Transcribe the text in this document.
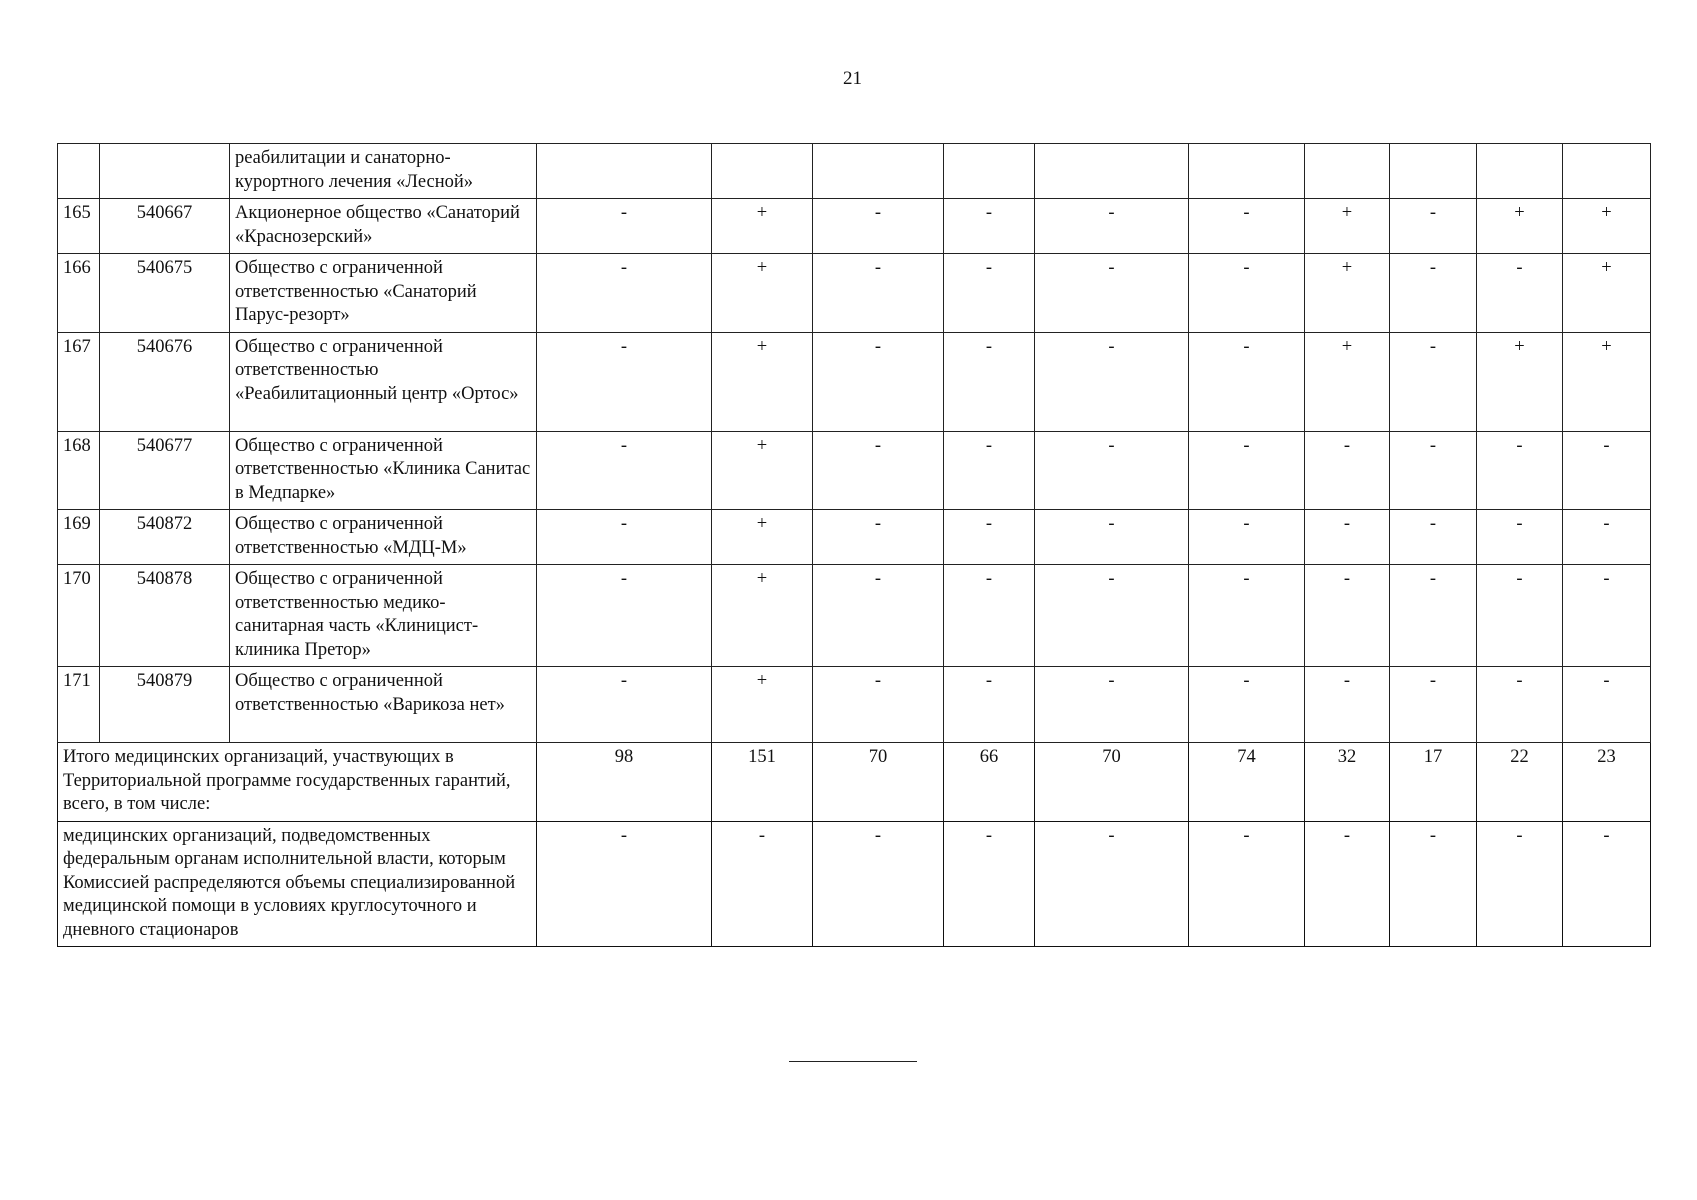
21
		реабилитации и санаторно-курортного лечения «Лесной»										
165	540667	Акционерное общество «Санаторий «Краснозерский»	-	+	-	-	-	-	+	-	+	+
166	540675	Общество с ограниченной ответственностью «Санаторий Парус-резорт»	-	+	-	-	-	-	+	-	-	+
167	540676	Общество с ограниченной ответственностью «Реабилитационный центр «Ортос»	-	+	-	-	-	-	+	-	+	+
168	540677	Общество с ограниченной ответственностью «Клиника Санитас в Медпарке»	-	+	-	-	-	-	-	-	-	-
169	540872	Общество с ограниченной ответственностью «МДЦ-М»	-	+	-	-	-	-	-	-	-	-
170	540878	Общество с ограниченной ответственностью медико-санитарная часть «Клиницист-клиника Претор»	-	+	-	-	-	-	-	-	-	-
171	540879	Общество с ограниченной ответственностью «Варикоза нет»	-	+	-	-	-	-	-	-	-	-
Итого медицинских организаций, участвующих в Территориальной программе государственных гарантий, всего, в том числе:			98	151	70	66	70	74	32	17	22	23
медицинских организаций, подведомственных федеральным органам исполнительной власти, которым Комиссией распределяются объемы специализированной медицинской помощи в условиях круглосуточного и дневного стационаров			-	-	-	-	-	-	-	-	-	-
